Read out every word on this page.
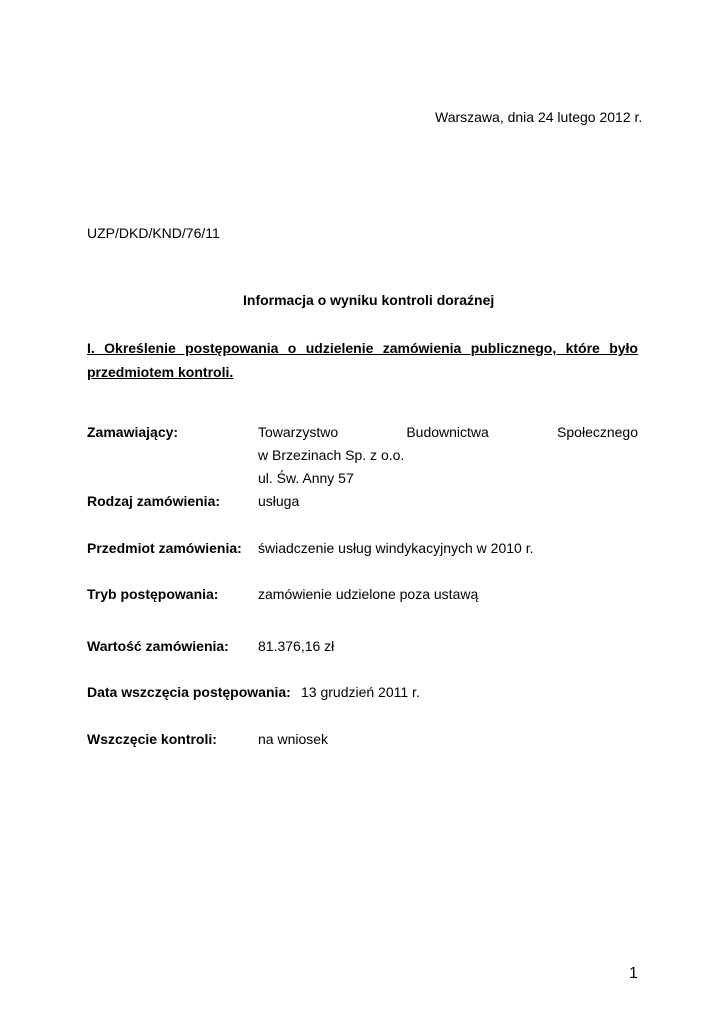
Warszawa, dnia 24 lutego 2012 r.
UZP/DKD/KND/76/11
Informacja o wyniku kontroli doraźnej
I. Określenie postępowania o udzielenie zamówienia publicznego, które było
przedmiotem kontroli.
Zamawiający:	Towarzystwo	Budownictwa	Społecznego
w Brzezinach Sp. z o.o.
ul. Św. Anny 57
Rodzaj zamówienia:	usługa
Przedmiot zamówienia: świadczenie usług windykacyjnych w 2010 r.
Tryb postępowania:	zamówienie udzielone poza ustawą
Wartość zamówienia: 81.376,16 zł
Data wszczęcia postępowania: 13 grudzień 2011 r.
Wszczęcie kontroli:	na wniosek
1
